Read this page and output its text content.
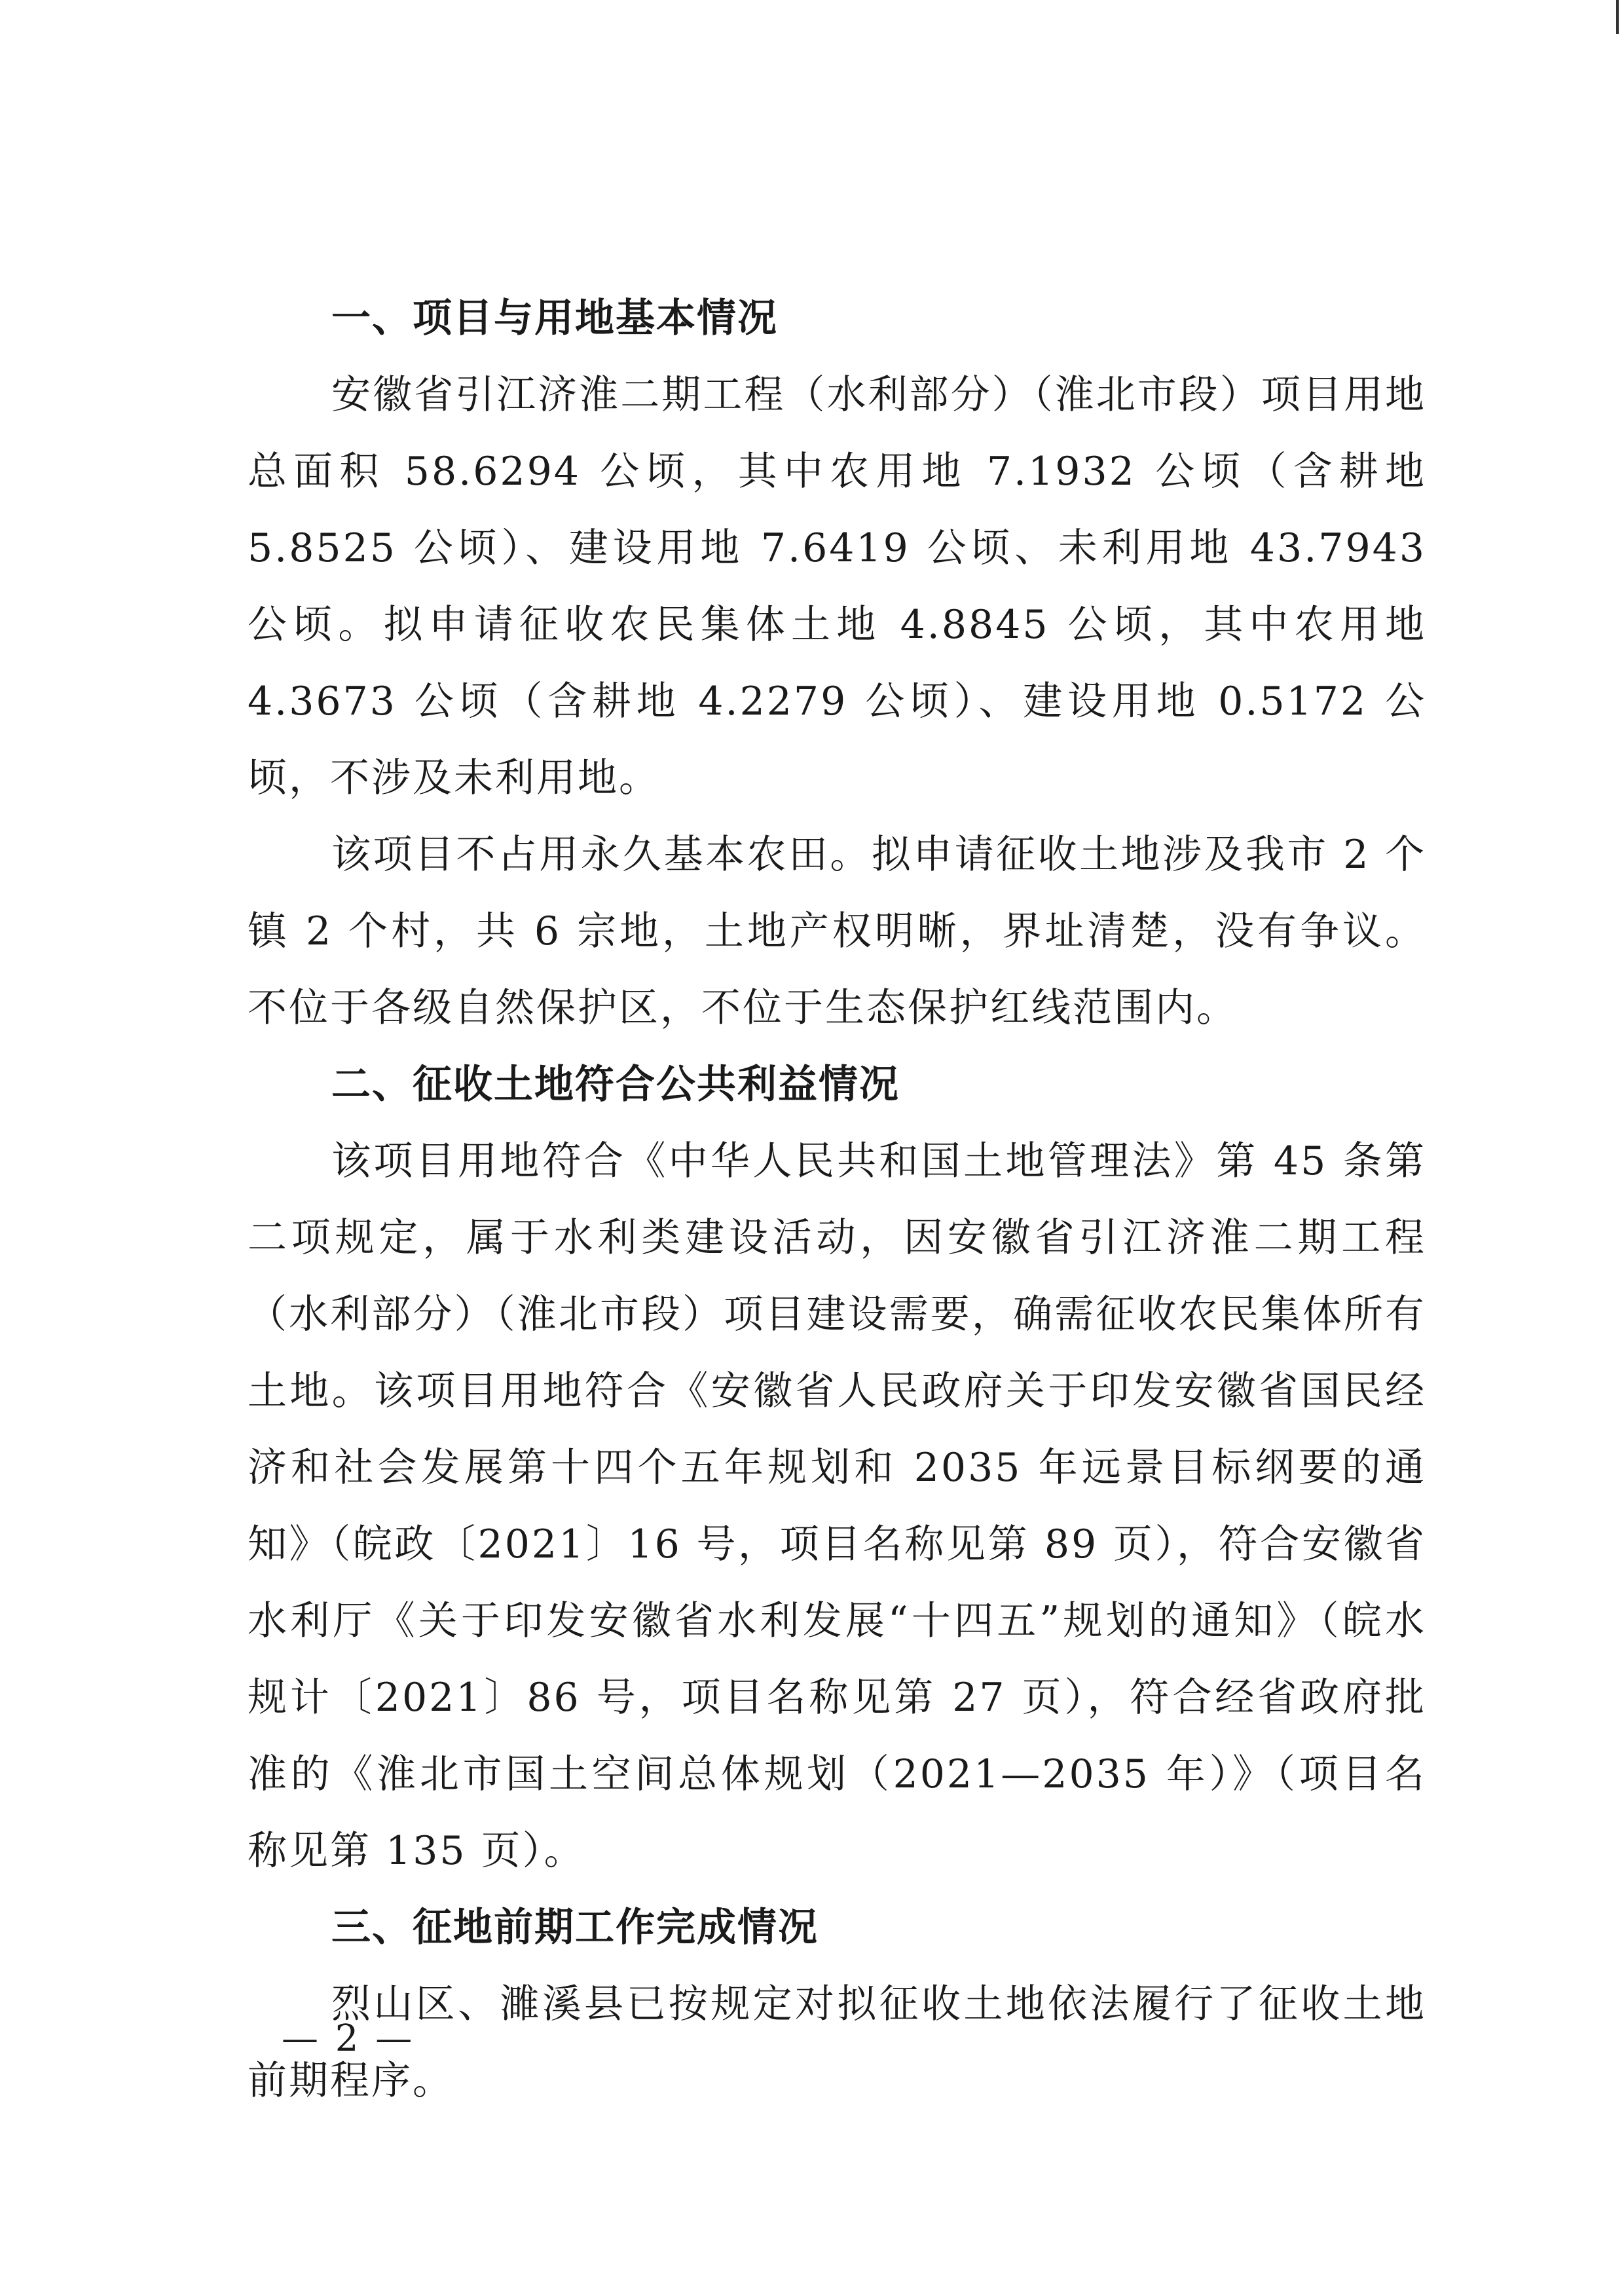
一、项目与用地基本情况

安徽省引江济淮二期工程（水利部分）（淮北市段）项目用地总面积 58.6294 公顷，其中农用地 7.1932 公顷（含耕地 5.8525 公顷）、建设用地 7.6419 公顷、未利用地 43.7943 公顷。拟申请征收农民集体土地 4.8845 公顷，其中农用地 4.3673 公顷（含耕地 4.2279 公顷）、建设用地 0.5172 公顷，不涉及未利用地。

该项目不占用永久基本农田。拟申请征收土地涉及我市 2 个镇 2 个村，共 6 宗地，土地产权明晰，界址清楚，没有争议。不位于各级自然保护区，不位于生态保护红线范围内。

二、征收土地符合公共利益情况

该项目用地符合《中华人民共和国土地管理法》第 45 条第二项规定，属于水利类建设活动，因安徽省引江济淮二期工程（水利部分）（淮北市段）项目建设需要，确需征收农民集体所有土地。该项目用地符合《安徽省人民政府关于印发安徽省国民经济和社会发展第十四个五年规划和 2035 年远景目标纲要的通知》（皖政〔2021〕16 号，项目名称见第 89 页），符合安徽省水利厅《关于印发安徽省水利发展“十四五”规划的通知》（皖水规计〔2021〕86 号，项目名称见第 27 页），符合经省政府批准的《淮北市国土空间总体规划（2021—2035 年）》（项目名称见第 135 页）。

三、征地前期工作完成情况

烈山区、濉溪县已按规定对拟征收土地依法履行了征收土地前期程序。

— 2 —
